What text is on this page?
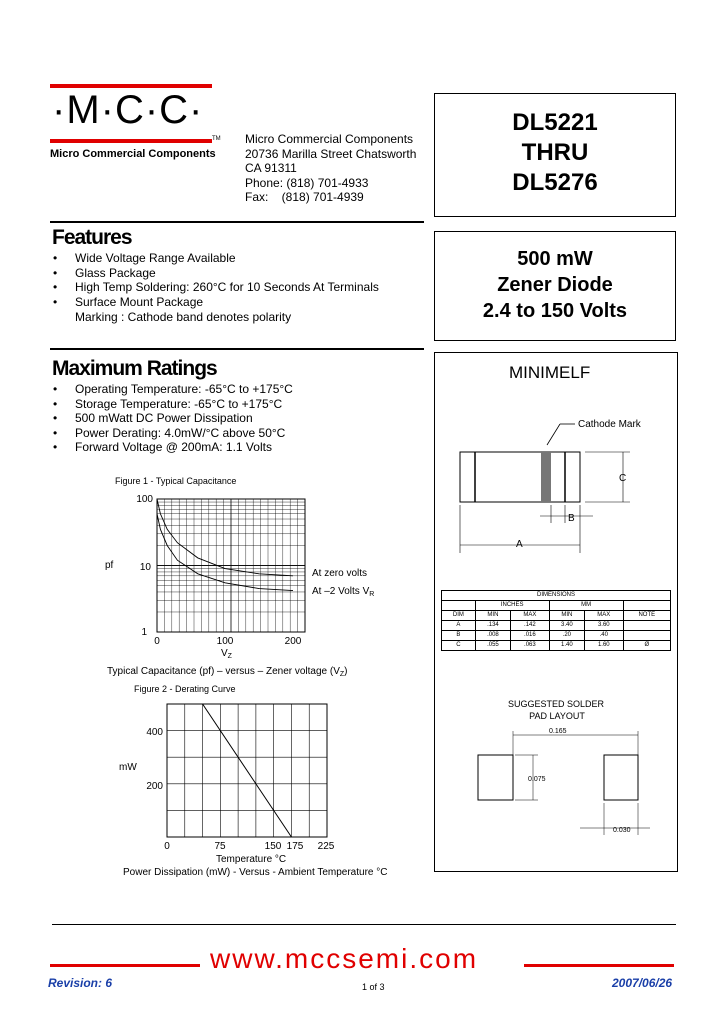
·M·C·C·
TM
Micro Commercial Components
Micro Commercial Components
20736 Marilla Street Chatsworth
CA 91311
Phone: (818) 701-4933
Fax:    (818) 701-4939
DL5221
THRU
DL5276
500 mW
Zener Diode
2.4 to 150 Volts
Features
• Wide Voltage Range Available
• Glass Package
• High Temp Soldering: 260°C for 10 Seconds At Terminals
• Surface Mount Package
Marking : Cathode band denotes polarity
Maximum Ratings
• Operating Temperature: -65°C to +175°C
• Storage Temperature: -65°C to +175°C
• 500 mWatt DC Power Dissipation
• Power Derating: 4.0mW/°C above 50°C
• Forward Voltage @ 200mA: 1.1 Volts
Figure 1 - Typical Capacitance
100
10
1
pf
0	100	200
$V_Z$
At zero volts
At –2 Volts $V_R$
Typical Capacitance (pf) – versus – Zener voltage $(V_Z)$
Figure 2 - Derating Curve
400
200
mW
0	75	150 175 225
Temperature °C
Power Dissipation (mW) - Versus - Ambient Temperature °C
MINIMELF
Cathode Mark
C
B
A
DIMENSIONS					
	INCHES		MM		
DIM	MIN	MAX	MIN	MAX	NOTE
A	.134	.142	3.40	3.60	
B	.008	.016	.20	.40	
C	.055	.063	1.40	1.60	Ø
SUGGESTED SOLDER
PAD LAYOUT
0.165
0.075
0.030
www.mccsemi.com
Revision: 6	1 of 3	2007/06/26
